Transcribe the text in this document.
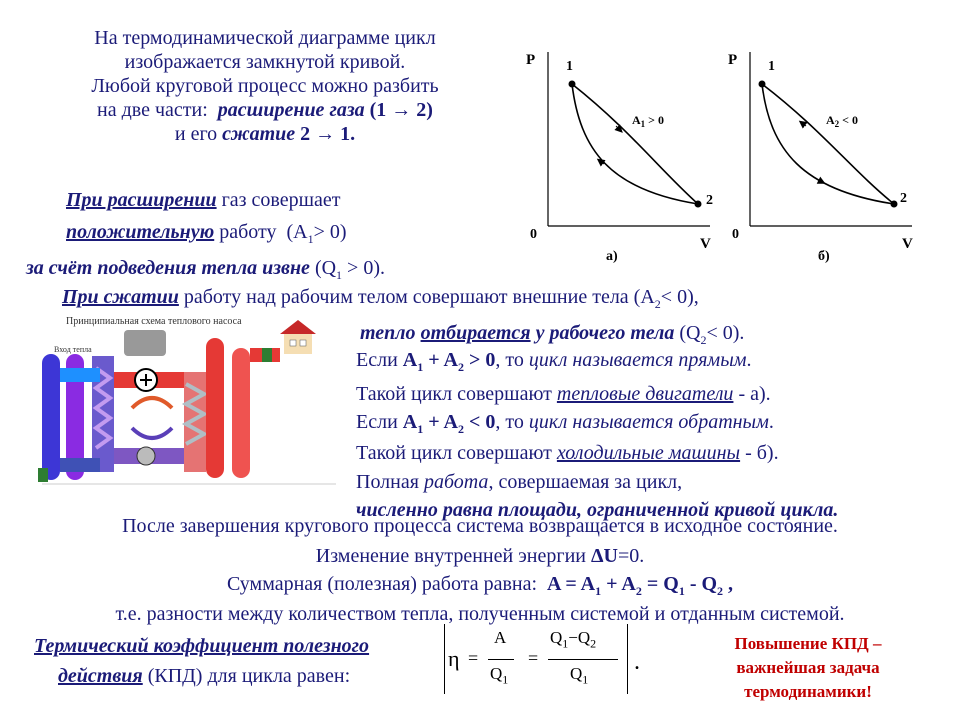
На термодинамической диаграмме цикл
изображается замкнутой кривой.
Любой круговой процесс можно разбить
на две части: расширение газа (1 → 2)
и его сжатие 2 → 1.
При расширении газ совершает
положительную работу $(A_1> 0)$
за счёт подведения тепла извне $(Q_1 > 0)$.
При сжатии работу над рабочим телом совершают внешние тела $(A_2< 0)$,
тепло отбирается у рабочего тела $(Q_2< 0)$.
P 1
2
0
V
а)
$A_1 > 0$
P 1
2
0
V
б)
$A_2 < 0$
Принципиальная схема теплового насоса
Вход тепла	Если $A_1 + A_2 > 0$, то цикл называется прямым.
Такой цикл совершают тепловые двигатели - а).
Если $A_1 + A_2 < 0$, то цикл называется обратным.
Такой цикл совершают холодильные машины - б).
Полная работа, совершаемая за цикл,
численно равна площади, ограниченной кривой цикла.
После завершения кругового процесса система возвращается в исходное состояние.
Изменение внутренней энергии ΔU=0.
Суммарная (полезная) работа равна: $A = A_1 + A_2 = Q_1 - Q_2$ ,
т.е. разности между количеством тепла, полученным системой и отданным системой.
Термический коэффициент полезного
действия (КПД) для цикла равен:
η =
A
$Q_1$
=
$Q_1-Q_2$
$Q_1$
.
Повышение КПД –
важнейшая задача
термодинамики!
